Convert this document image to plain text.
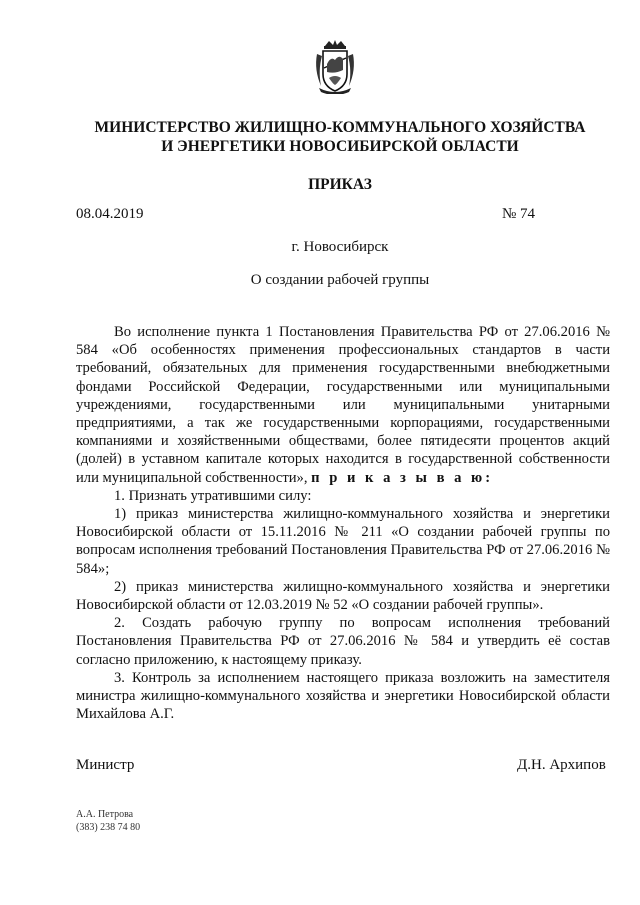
МИНИСТЕРСТВО ЖИЛИЩНО-КОММУНАЛЬНОГО ХОЗЯЙСТВА
И ЭНЕРГЕТИКИ НОВОСИБИРСКОЙ ОБЛАСТИ
ПРИКАЗ
08.04.2019	№ 74
г. Новосибирск
О создании рабочей группы

Во исполнение пункта 1 Постановления Правительства РФ от 27.06.2016 № 584 «Об особенностях применения профессиональных стандартов в части требований, обязательных для применения государственными внебюджетными фондами Российской Федерации, государственными или муниципальными учреждениями, государственными или муниципальными унитарными предприятиями, а так же государственными корпорациями, государственными компаниями и хозяйственными обществами, более пятидесяти процентов акций (долей) в уставном капитале которых находится в государственной собственности или муниципальной собственности», п р и к а з ы в а ю:

1. Признать утратившими силу:

1) приказ министерства жилищно-коммунального хозяйства и энергетики Новосибирской области от 15.11.2016 № 211 «О создании рабочей группы по вопросам исполнения требований Постановления Правительства РФ от 27.06.2016 № 584»;

2) приказ министерства жилищно-коммунального хозяйства и энергетики Новосибирской области от 12.03.2019 № 52 «О создании рабочей группы».

2. Создать рабочую группу по вопросам исполнения требований Постановления Правительства РФ от 27.06.2016 № 584 и утвердить её состав согласно приложению, к настоящему приказу.

3. Контроль за исполнением настоящего приказа возложить на заместителя министра жилищно-коммунального хозяйства и энергетики Новосибирской области Михайлова А.Г.

Министр	Д.Н. Архипов
А.А. Петрова
(383) 238 74 80
